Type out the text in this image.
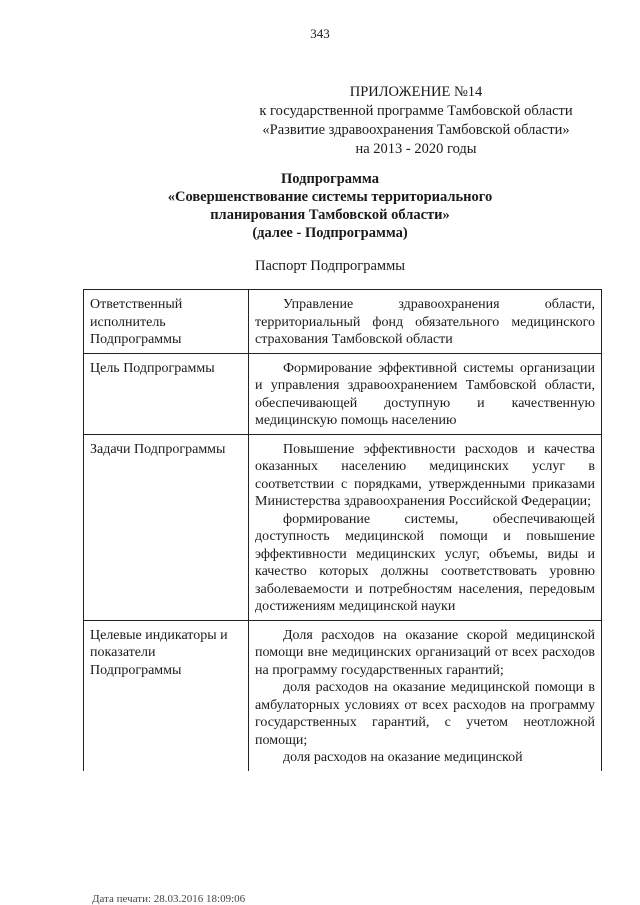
343
ПРИЛОЖЕНИЕ №14
к государственной программе Тамбовской области
«Развитие здравоохранения Тамбовской области»
на 2013 - 2020 годы
Подпрограмма
«Совершенствование системы территориального
планирования Тамбовской области»
(далее - Подпрограмма)
Паспорт Подпрограммы
Ответственный исполнитель Подпрограммы	Управление здравоохранения области, территориальный фонд обязательного медицинского страхования Тамбовской области

Цель Подпрограммы	Формирование эффективной системы организации и управления здравоохранением Тамбовской области, обеспечивающей доступную и качественную медицинскую помощь населению

Задачи Подпрограммы	Повышение эффективности расходов и качества оказанных населению медицинских услуг в соответствии с порядками, утвержденными приказами Министерства здравоохранения Российской Федерации;

формирование системы, обеспечивающей доступность медицинской помощи и повышение эффективности медицинских услуг, объемы, виды и качество которых должны соответствовать уровню заболеваемости и потребностям населения, передовым достижениям медицинской науки

Целевые индикаторы и показатели Подпрограммы	Доля расходов на оказание скорой медицинской помощи вне медицинских организаций от всех расходов на программу государственных гарантий;

доля расходов на оказание медицинской помощи в амбулаторных условиях от всех расходов на программу государственных гарантий, с учетом неотложной помощи;

доля расходов на оказание медицинской

Дата печати: 28.03.2016 18:09:06
